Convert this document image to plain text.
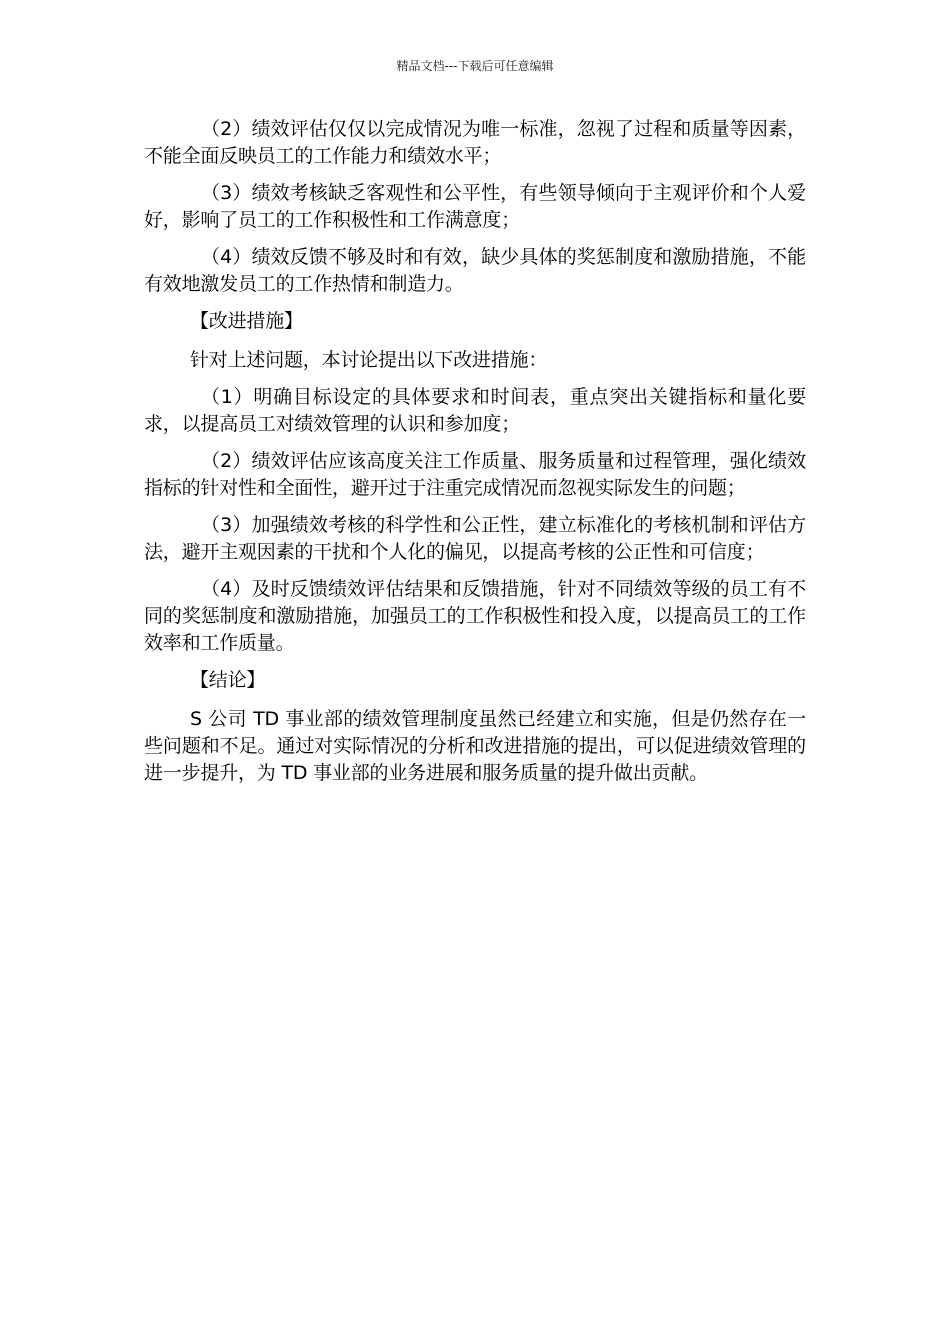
精品文档---下载后可任意编辑

（2）绩效评估仅仅以完成情况为唯一标准，忽视了过程和质量等因素，不能全面反映员工的工作能力和绩效水平；

（3）绩效考核缺乏客观性和公平性，有些领导倾向于主观评价和个人爱好，影响了员工的工作积极性和工作满意度；

（4）绩效反馈不够及时和有效，缺少具体的奖惩制度和激励措施，不能有效地激发员工的工作热情和制造力。

【改进措施】

针对上述问题，本讨论提出以下改进措施：

（1）明确目标设定的具体要求和时间表，重点突出关键指标和量化要求，以提高员工对绩效管理的认识和参加度；

（2）绩效评估应该高度关注工作质量、服务质量和过程管理，强化绩效指标的针对性和全面性，避开过于注重完成情况而忽视实际发生的问题；

（3）加强绩效考核的科学性和公正性，建立标准化的考核机制和评估方法，避开主观因素的干扰和个人化的偏见，以提高考核的公正性和可信度；

（4）及时反馈绩效评估结果和反馈措施，针对不同绩效等级的员工有不同的奖惩制度和激励措施，加强员工的工作积极性和投入度，以提高员工的工作效率和工作质量。

【结论】

S 公司 TD 事业部的绩效管理制度虽然已经建立和实施，但是仍然存在一些问题和不足。通过对实际情况的分析和改进措施的提出，可以促进绩效管理的进一步提升，为 TD 事业部的业务进展和服务质量的提升做出贡献。
